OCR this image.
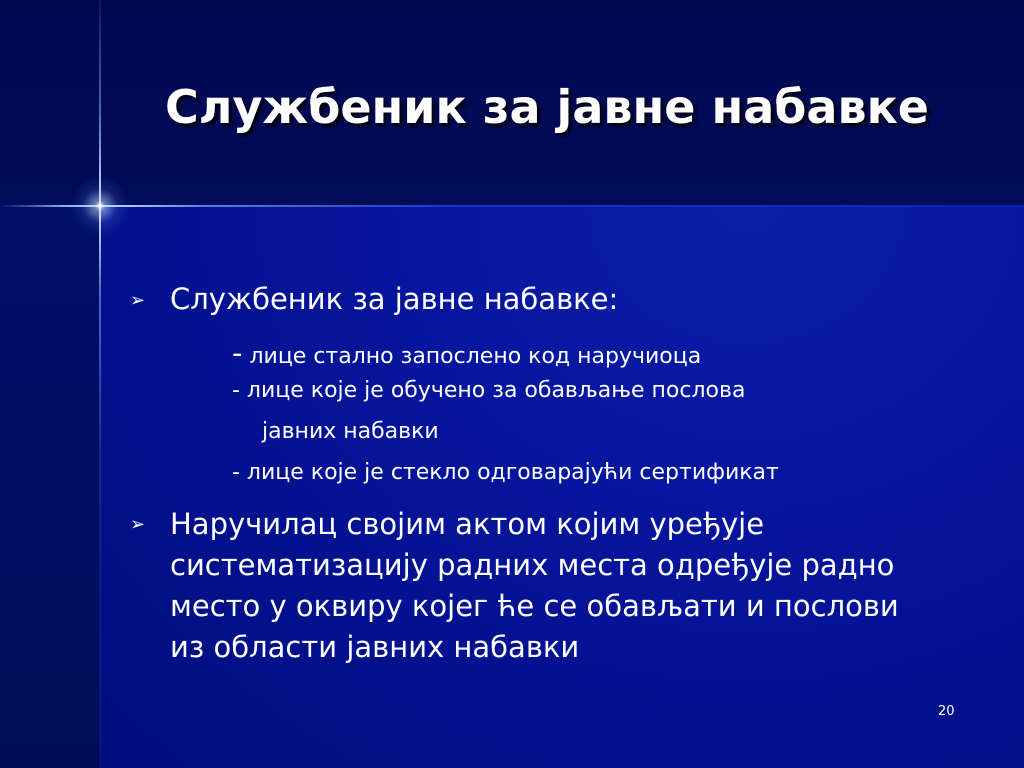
Службеник за јавне набавке
➢ Службеник за јавне набавке:

- лице стално запослено код наручиоца

- лице које је обучено за обављање послова

јавних набавки

- лице које је стекло одговарајући сертификат

➢ Наручилац својим актом којим уређује
систематизацију радних места одређује радно
место у оквиру којег ће се обављати и послови
из области јавних набавки

20
